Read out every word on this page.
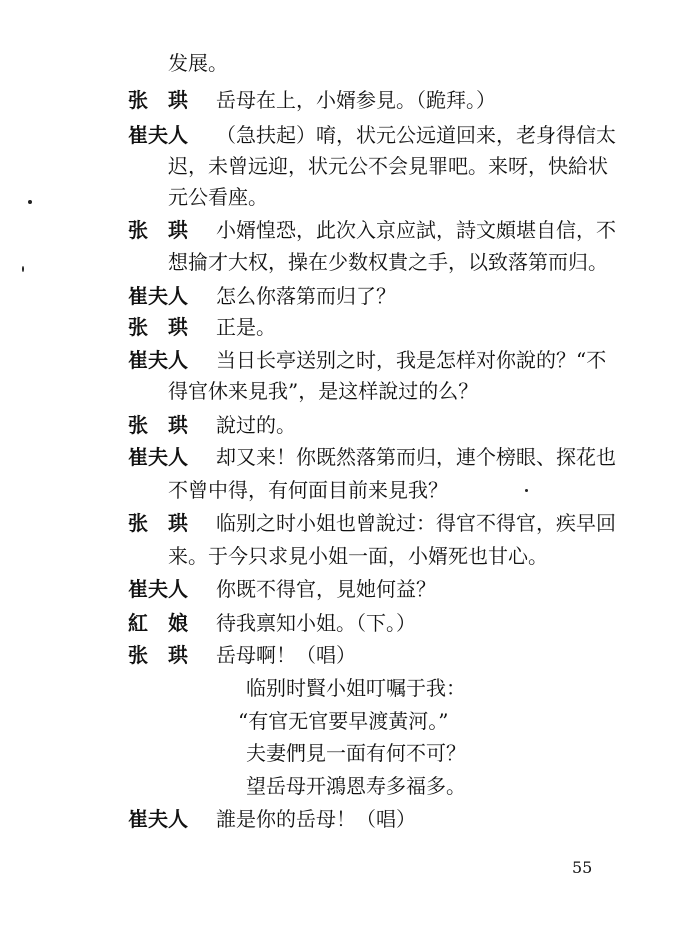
发展。
张　珙	岳母在上，小婿参見。（跪拜。）
崔夫人	（急扶起）唷，状元公远道回来，老身得信太
迟，未曾远迎，状元公不会見罪吧。来呀，快給状
元公看座。
张　珙	小婿惶恐，此次入京应試，詩文頗堪自信，不
想掄才大权，操在少数权貴之手，以致落第而归。
崔夫人	怎么你落第而归了？
张　珙	正是。
崔夫人	当日长亭送别之时，我是怎样对你說的？“不
得官休来見我”，是这样說过的么？
张　珙	說过的。
崔夫人	却又来！你既然落第而归，連个榜眼、探花也
不曾中得，有何面目前来見我？
张　珙	临别之时小姐也曾說过：得官不得官，疾早回
来。于今只求見小姐一面，小婿死也甘心。
崔夫人	你既不得官，見她何益？
紅　娘	待我禀知小姐。（下。）
张　珙	岳母啊！（唱）
临别时賢小姐叮嘱于我：
“有官无官要早渡黃河。”
夫妻們見一面有何不可？
望岳母开鴻恩寿多福多。
崔夫人	誰是你的岳母！（唱）
55
